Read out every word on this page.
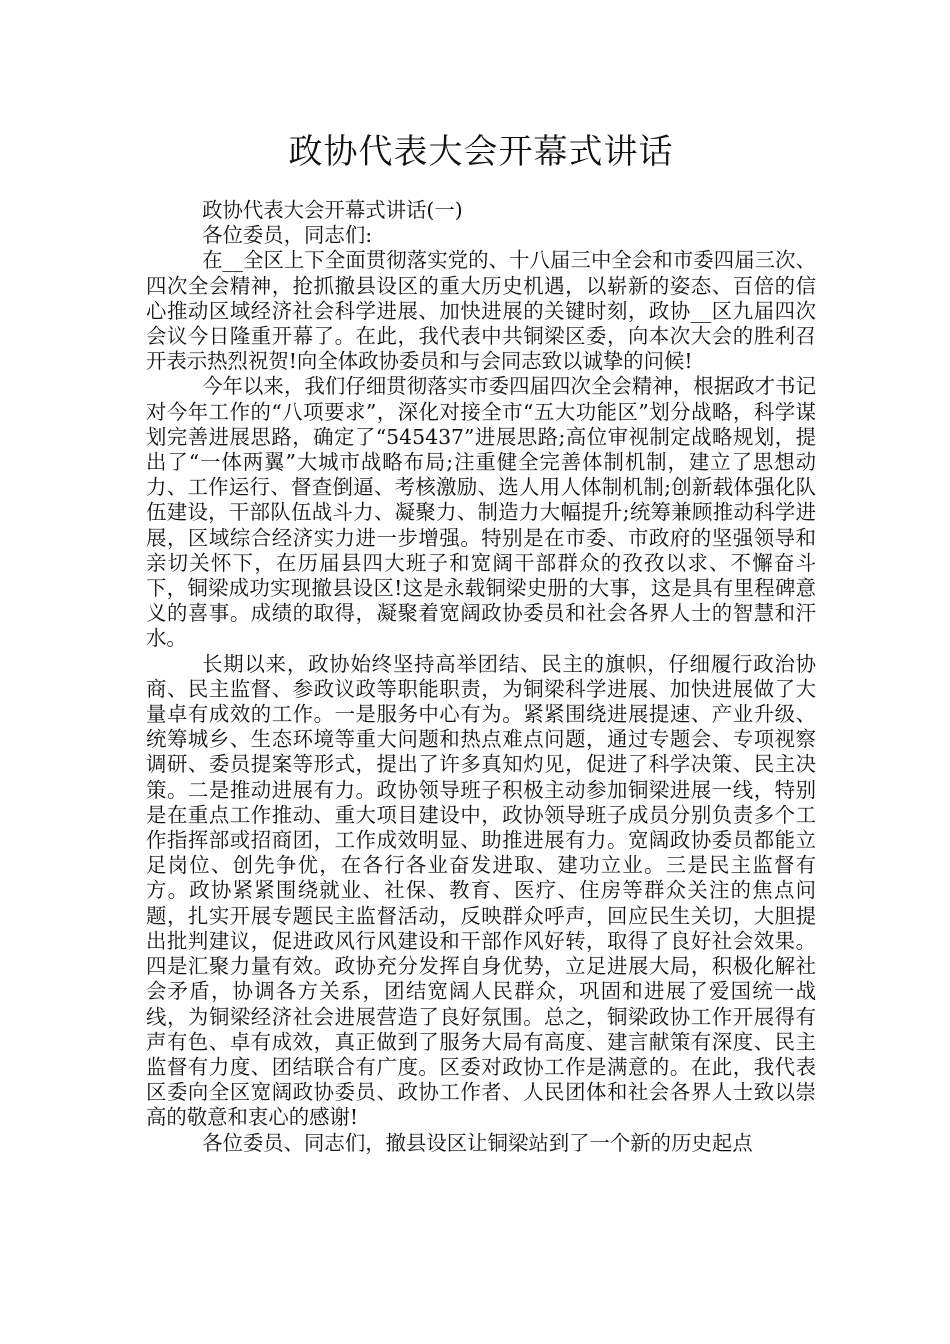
政协代表大会开幕式讲话

政协代表大会开幕式讲话(一)

各位委员，同志们:

在__全区上下全面贯彻落实党的、十八届三中全会和市委四届三次、四次全会精神，抢抓撤县设区的重大历史机遇，以崭新的姿态、百倍的信心推动区域经济社会科学进展、加快进展的关键时刻，政协__区九届四次会议今日隆重开幕了。在此，我代表中共铜梁区委，向本次大会的胜利召开表示热烈祝贺!向全体政协委员和与会同志致以诚挚的问候!

今年以来，我们仔细贯彻落实市委四届四次全会精神，根据政才书记对今年工作的“八项要求”，深化对接全市“五大功能区”划分战略，科学谋划完善进展思路，确定了“545437”进展思路;高位审视制定战略规划，提出了“一体两翼”大城市战略布局;注重健全完善体制机制，建立了思想动力、工作运行、督查倒逼、考核激励、选人用人体制机制;创新载体强化队伍建设，干部队伍战斗力、凝聚力、制造力大幅提升;统筹兼顾推动科学进展，区域综合经济实力进一步增强。特别是在市委、市政府的坚强领导和亲切关怀下，在历届县四大班子和宽阔干部群众的孜孜以求、不懈奋斗下，铜梁成功实现撤县设区!这是永载铜梁史册的大事，这是具有里程碑意义的喜事。成绩的取得，凝聚着宽阔政协委员和社会各界人士的智慧和汗水。

长期以来，政协始终坚持高举团结、民主的旗帜，仔细履行政治协商、民主监督、参政议政等职能职责，为铜梁科学进展、加快进展做了大量卓有成效的工作。一是服务中心有为。紧紧围绕进展提速、产业升级、统筹城乡、生态环境等重大问题和热点难点问题，通过专题会、专项视察调研、委员提案等形式，提出了许多真知灼见，促进了科学决策、民主决策。二是推动进展有力。政协领导班子积极主动参加铜梁进展一线，特别是在重点工作推动、重大项目建设中，政协领导班子成员分别负责多个工作指挥部或招商团，工作成效明显、助推进展有力。宽阔政协委员都能立足岗位、创先争优，在各行各业奋发进取、建功立业。三是民主监督有方。政协紧紧围绕就业、社保、教育、医疗、住房等群众关注的焦点问题，扎实开展专题民主监督活动，反映群众呼声，回应民生关切，大胆提出批判建议，促进政风行风建设和干部作风好转，取得了良好社会效果。四是汇聚力量有效。政协充分发挥自身优势，立足进展大局，积极化解社会矛盾，协调各方关系，团结宽阔人民群众，巩固和进展了爱国统一战线，为铜梁经济社会进展营造了良好氛围。总之，铜梁政协工作开展得有声有色、卓有成效，真正做到了服务大局有高度、建言献策有深度、民主监督有力度、团结联合有广度。区委对政协工作是满意的。在此，我代表区委向全区宽阔政协委员、政协工作者、人民团体和社会各界人士致以崇高的敬意和衷心的感谢!

各位委员、同志们，撤县设区让铜梁站到了一个新的历史起点
